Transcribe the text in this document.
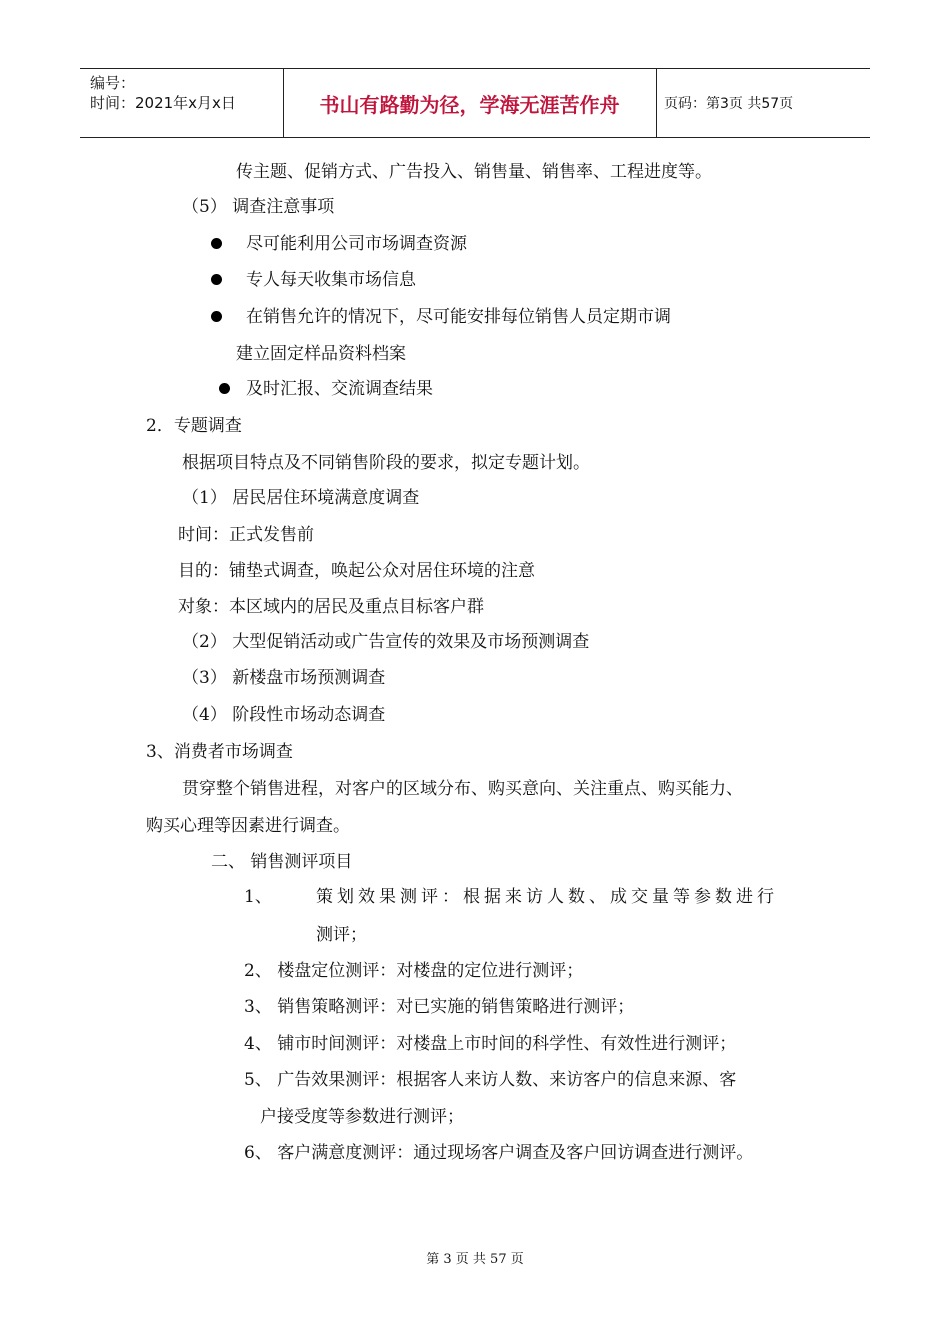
编号：
时间：2021年x月x日	书山有路勤为径，学海无涯苦作舟	页码：第3页 共57页
传主题、促销方式、广告投入、销售量、销售率、工程进度等。
（5） 调查注意事项
尽可能利用公司市场调查资源
专人每天收集市场信息
在销售允许的情况下，尽可能安排每位销售人员定期市调
建立固定样品资料档案
及时汇报、交流调查结果
2．专题调查
根据项目特点及不同销售阶段的要求，拟定专题计划。
（1） 居民居住环境满意度调查
时间：正式发售前
目的：铺垫式调查，唤起公众对居住环境的注意
对象：本区域内的居民及重点目标客户群
（2） 大型促销活动或广告宣传的效果及市场预测调查
（3） 新楼盘市场预测调查
（4） 阶段性市场动态调查
3、消费者市场调查
贯穿整个销售进程，对客户的区域分布、购买意向、关注重点、购买能力、
购买心理等因素进行调查。
二、 销售测评项目
1、	策划效果测评：根据来访人数、成交量等参数进行
测评；
2、 楼盘定位测评：对楼盘的定位进行测评；
3、 销售策略测评：对已实施的销售策略进行测评；
4、 铺市时间测评：对楼盘上市时间的科学性、有效性进行测评；
5、 广告效果测评：根据客人来访人数、来访客户的信息来源、客
户接受度等参数进行测评；
6、 客户满意度测评：通过现场客户调查及客户回访调查进行测评。
第 3 页 共 57 页
